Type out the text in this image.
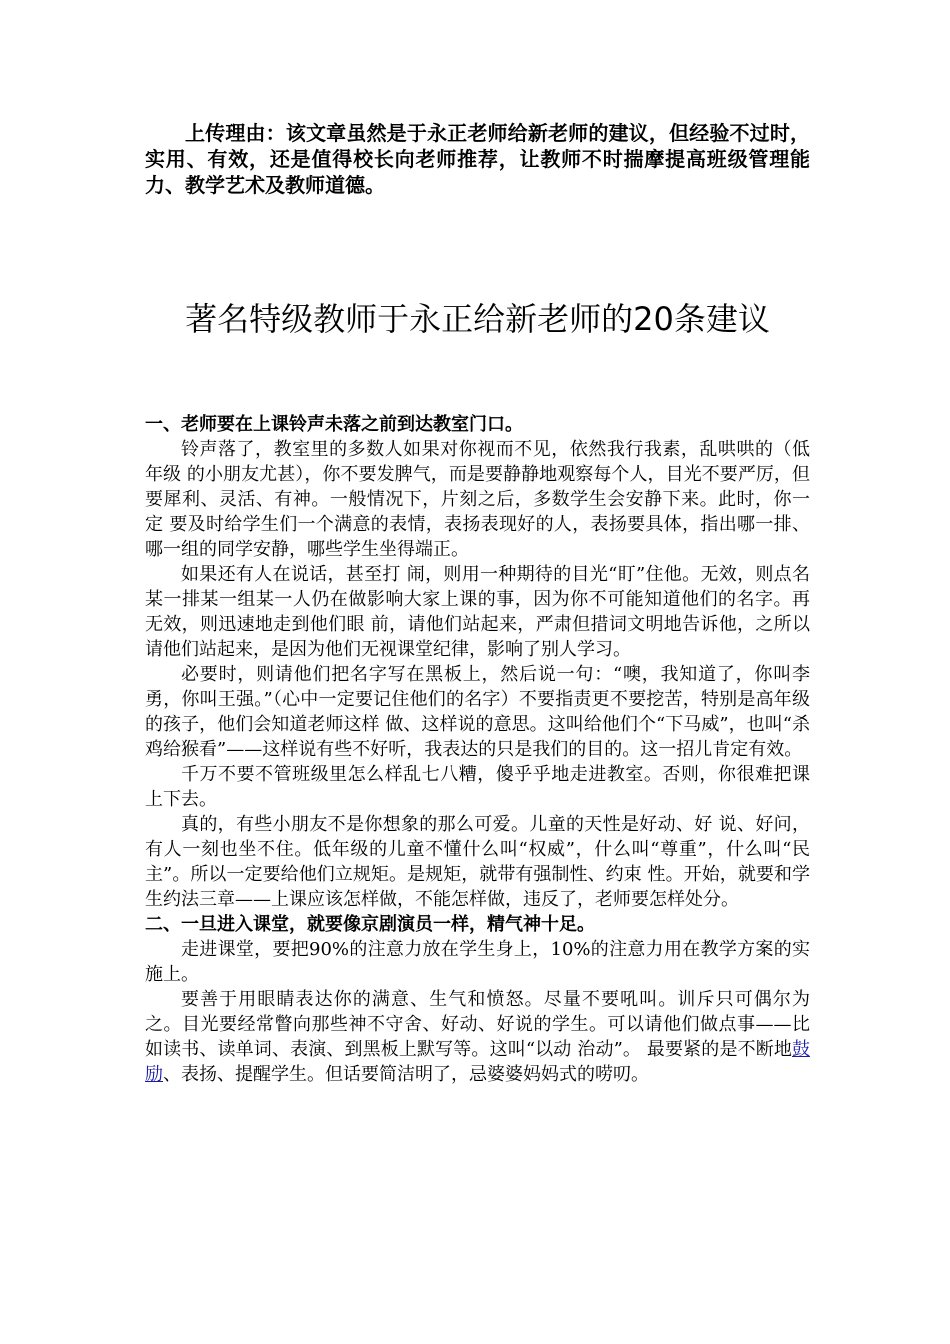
上传理由：该文章虽然是于永正老师给新老师的建议，但经验不过时，实用、有效，还是值得校长向老师推荐，让教师不时揣摩提高班级管理能力、教学艺术及教师道德。

著名特级教师于永正给新老师的20条建议
一、老师要在上课铃声未落之前到达教室门口。

铃声落了，教室里的多数人如果对你视而不见，依然我行我素，乱哄哄的（低年级 的小朋友尤甚），你不要发脾气，而是要静静地观察每个人，目光不要严厉，但要犀利、灵活、有神。一般情况下，片刻之后，多数学生会安静下来。此时，你一定 要及时给学生们一个满意的表情，表扬表现好的人，表扬要具体，指出哪一排、哪一组的同学安静，哪些学生坐得端正。

如果还有人在说话，甚至打 闹，则用一种期待的目光“盯”住他。无效，则点名某一排某一组某一人仍在做影响大家上课的事，因为你不可能知道他们的名字。再无效，则迅速地走到他们眼 前，请他们站起来，严肃但措词文明地告诉他，之所以请他们站起来，是因为他们无视课堂纪律，影响了别人学习。

必要时，则请他们把名字写在黑板上，然后说一句：“噢，我知道了，你叫李勇，你叫王强。”（心中一定要记住他们的名字）不要指责更不要挖苦，特别是高年级的孩子，他们会知道老师这样 做、这样说的意思。这叫给他们个“下马威”，也叫“杀鸡给猴看”——这样说有些不好听，我表达的只是我们的目的。这一招儿肯定有效。

千万不要不管班级里怎么样乱七八糟，傻乎乎地走进教室。否则，你很难把课上下去。

真的，有些小朋友不是你想象的那么可爱。儿童的天性是好动、好 说、好问，有人一刻也坐不住。低年级的儿童不懂什么叫“权威”，什么叫“尊重”，什么叫“民主”。所以一定要给他们立规矩。是规矩，就带有强制性、约束 性。开始，就要和学生约法三章——上课应该怎样做，不能怎样做，违反了，老师要怎样处分。

二、一旦进入课堂，就要像京剧演员一样，精气神十足。

走进课堂，要把90%的注意力放在学生身上，10%的注意力用在教学方案的实施上。

要善于用眼睛表达你的满意、生气和愤怒。尽量不要吼叫。训斥只可偶尔为之。目光要经常瞥向那些神不守舍、好动、好说的学生。可以请他们做点事——比如读书、读单词、表演、到黑板上默写等。这叫“以动 治动”。 最要紧的是不断地鼓励、表扬、提醒学生。但话要简洁明了，忌婆婆妈妈式的唠叨。
